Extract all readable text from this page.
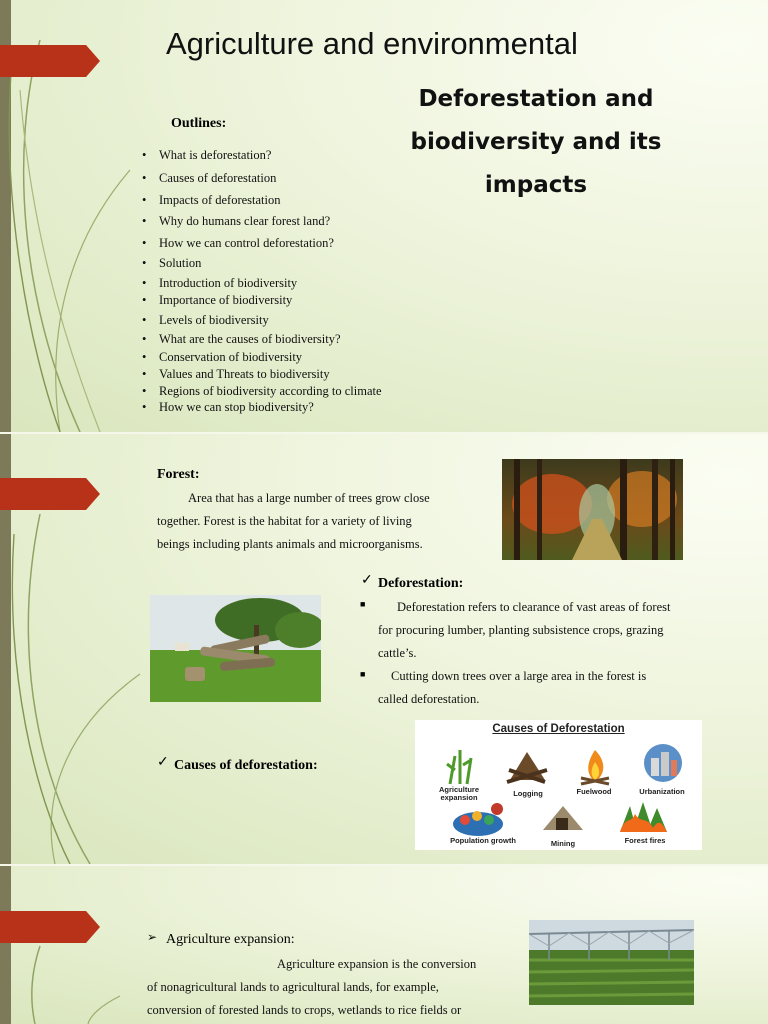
Agriculture and environmental
Deforestation and biodiversity and its impacts
Outlines:
What is deforestation?
Causes of deforestation
Impacts of deforestation
Why do humans clear forest land?
How we can control deforestation?
Solution
Introduction of biodiversity
Importance of biodiversity
Levels of biodiversity
What are the causes of biodiversity?
Conservation of biodiversity
Values and Threats to biodiversity
Regions of biodiversity according to climate
How we can stop biodiversity?
Forest:
Area that has a large number of trees grow close together. Forest is the habitat for a variety of living beings including plants animals and microorganisms.
✓ Deforestation:
■	Deforestation refers to clearance of vast areas of forest for procuring lumber, planting subsistence crops, grazing cattle’s.
■	Cutting down trees over a large area in the forest is called deforestation.
✓ Causes of deforestation:
Causes of Deforestation
Agriculture expansion	Logging	Fuelwood	Urbanization
Population growth	Mining	Forest fires
➢ Agriculture expansion:
Agriculture expansion is the conversion of nonagricultural lands to agricultural lands, for example, conversion of forested lands to crops, wetlands to rice fields or
